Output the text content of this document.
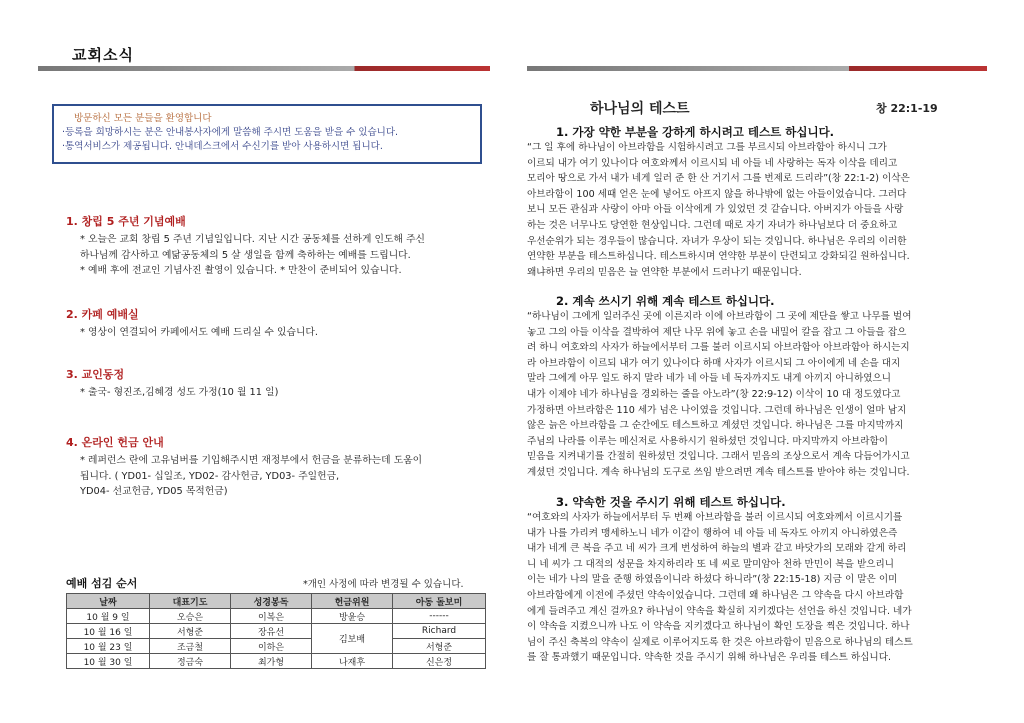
교회소식
방문하신 모든 분들을 환영합니다
·등록을 희망하시는 분은 안내봉사자에게 말씀해 주시면 도움을 받을 수 있습니다.
·통역서비스가 제공됩니다. 안내데스크에서 수신기를 받아 사용하시면 됩니다.
1. 창립 5 주년 기념예배
* 오늘은 교회 창립 5 주년 기념일입니다. 지난 시간 공동체를 선하게 인도해 주신
하나님께 감사하고 예닮공동체의 5 살 생일을 함께 축하하는 예배를 드립니다.
* 예배 후에 전교인 기념사진 촬영이 있습니다. * 만찬이 준비되어 있습니다.
2. 카페 예배실
* 영상이 연결되어 카페에서도 예배 드리실 수 있습니다.
3. 교인동정
* 출국- 형진조,김혜경 성도 가정(10 월 11 일)
4. 온라인 헌금 안내
* 레퍼런스 란에 고유넘버를 기입해주시면 재정부에서 헌금을 분류하는데 도움이
됩니다. ( YD01- 십일조, YD02- 감사헌금, YD03- 주일헌금,
YD04- 선교헌금, YD05 목적헌금)
예배 섬김 순서	*개인 사정에 따라 변경될 수 있습니다.
날짜	대표기도	성경봉독	헌금위원	아동 돌보미
10 월 9 일	오승은	이복은	방윤승	------
10 월 16 일	서형준	장유선	김보배	Richard
10 월 23 일	조금철	이하은		서형준
10 월 30 일	정금숙	최가형	나재후	신은정
하나님의 테스트	창 22:1-19
1. 가장 약한 부분을 강하게 하시려고 테스트 하십니다.
“그 일 후에 하나님이 아브라함을 시험하시려고 그를 부르시되 아브라함아 하시니 그가
이르되 내가 여기 있나이다 여호와께서 이르시되 네 아들 네 사랑하는 독자 이삭을 데리고
모리아 땅으로 가서 내가 네게 일러 준 한 산 거기서 그를 번제로 드리라”(창 22:1-2) 이삭은
아브라함이 100 세때 얻은 눈에 넣어도 아프지 않을 하나밖에 없는 아들이었습니다. 그러다
보니 모든 관심과 사랑이 아마 아들 이삭에게 가 있었던 것 같습니다. 아버지가 아들을 사랑
하는 것은 너무나도 당연한 현상입니다. 그런데 때로 자기 자녀가 하나님보다 더 중요하고
우선순위가 되는 경우들이 많습니다. 자녀가 우상이 되는 것입니다. 하나님은 우리의 이러한
연약한 부분을 테스트하십니다. 테스트하시며 연약한 부분이 단련되고 강화되길 원하십니다.
왜냐하면 우리의 믿음은 늘 연약한 부분에서 드러나기 때문입니다.
2. 계속 쓰시기 위해 계속 테스트 하십니다.
“하나님이 그에게 일러주신 곳에 이른지라 이에 아브라함이 그 곳에 제단을 쌓고 나무를 벌여
놓고 그의 아들 이삭을 결박하여 제단 나무 위에 놓고 손을 내밀어 칼을 잡고 그 아들을 잡으
려 하니 여호와의 사자가 하늘에서부터 그를 불러 이르시되 아브라함아 아브라함아 하시는지
라 아브라함이 이르되 내가 여기 있나이다 하매 사자가 이르시되 그 아이에게 네 손을 대지
말라 그에게 아무 일도 하지 말라 네가 네 아들 네 독자까지도 내게 아끼지 아니하였으니
내가 이제야 네가 하나님을 경외하는 줄을 아노라”(창 22:9-12) 이삭이 10 대 정도였다고
가정하면 아브라함은 110 세가 넘은 나이였을 것입니다. 그런데 하나님은 인생이 얼마 남지
않은 늙은 아브라함을 그 순간에도 테스트하고 계셨던 것입니다. 하나님은 그를 마지막까지
주님의 나라를 이루는 메신저로 사용하시기 원하셨던 것입니다. 마지막까지 아브라함이
믿음을 지켜내기를 간절히 원하셨던 것입니다. 그래서 믿음의 조상으로서 계속 다듬어가시고
계셨던 것입니다. 계속 하나님의 도구로 쓰임 받으려면 계속 테스트를 받아야 하는 것입니다.
3. 약속한 것을 주시기 위해 테스트 하십니다.
“여호와의 사자가 하늘에서부터 두 번째 아브라함을 불러 이르시되 여호와께서 이르시기를
내가 나를 가리켜 맹세하노니 네가 이같이 행하여 네 아들 네 독자도 아끼지 아니하였은즉
내가 네게 큰 복을 주고 네 씨가 크게 번성하여 하늘의 별과 같고 바닷가의 모래와 같게 하리
니 네 씨가 그 대적의 성문을 차지하리라 또 네 씨로 말미암아 천하 만민이 복을 받으리니
이는 네가 나의 말을 준행 하였음이니라 하셨다 하니라”(창 22:15-18) 지금 이 말은 이미
아브라함에게 이전에 주셨던 약속이었습니다. 그런데 왜 하나님은 그 약속을 다시 아브라함
에게 들려주고 계신 걸까요? 하나님이 약속을 확실히 지키겠다는 선언을 하신 것입니다. 네가
이 약속을 지켰으니까 나도 이 약속을 지키겠다고 하나님이 확인 도장을 찍은 것입니다. 하나
님이 주신 축복의 약속이 실제로 이루어지도록 한 것은 아브라함이 믿음으로 하나님의 테스트
를 잘 통과했기 때문입니다. 약속한 것을 주시기 위해 하나님은 우리를 테스트 하십니다.
